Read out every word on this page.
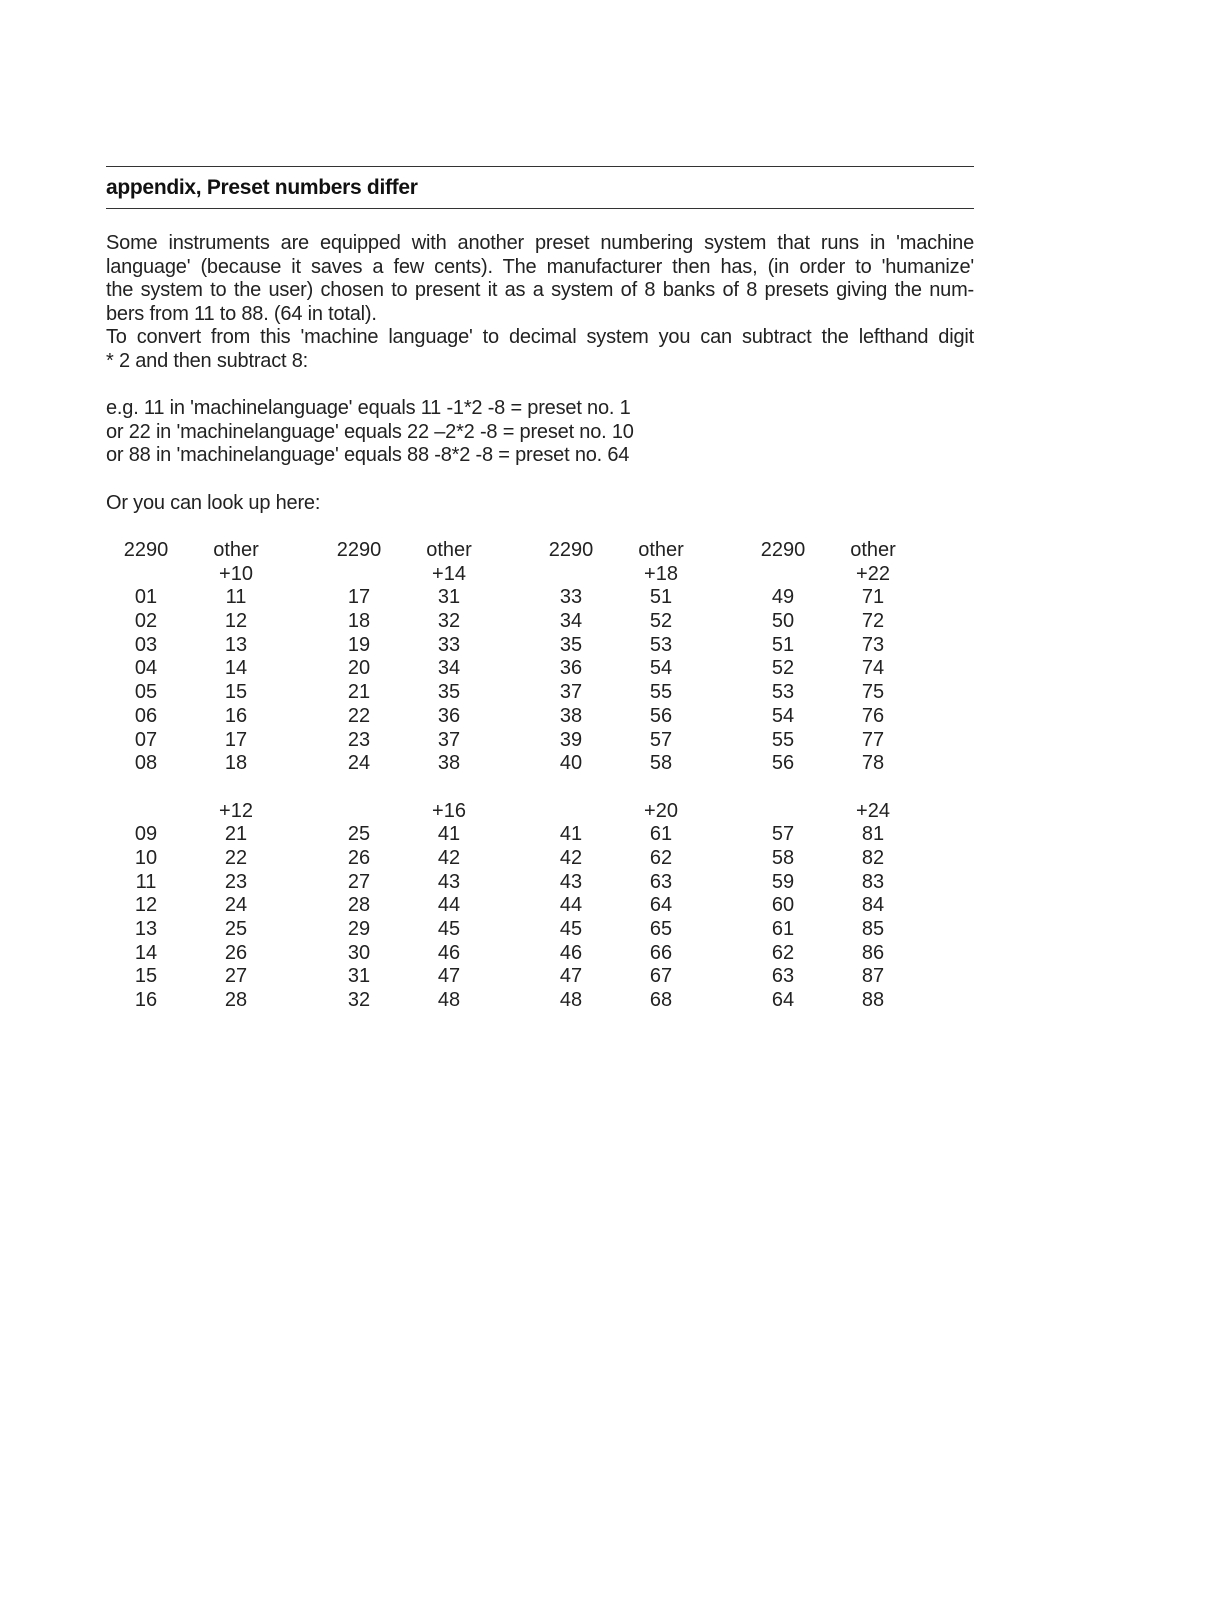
appendix, Preset numbers differ
Some instruments are equipped with another preset numbering system that runs in 'machine
language' (because it saves a few cents). The manufacturer then has, (in order to 'humanize'
the system to the user) chosen to present it as a system of 8 banks of 8 presets giving the num-
bers from 11 to 88. (64 in total).
To convert from this 'machine language' to decimal system you can subtract the lefthand digit
* 2 and then subtract 8:
e.g. 11 in 'machinelanguage' equals 11 -1*2 -8 = preset no. 1
or 22 in 'machinelanguage' equals 22 –2*2 -8 = preset no. 10
or 88 in 'machinelanguage' equals 88 -8*2 -8 = preset no. 64
Or you can look up here:
2290

01
02
03
04
05
06
07
08

09
10
11
12
13
14
15
16
other
+10
11
12
13
14
15
16
17
18

+12
21
22
23
24
25
26
27
28
2290

17
18
19
20
21
22
23
24

25
26
27
28
29
30
31
32
other
+14
31
32
33
34
35
36
37
38

+16
41
42
43
44
45
46
47
48
2290

33
34
35
36
37
38
39
40

41
42
43
44
45
46
47
48
other
+18
51
52
53
54
55
56
57
58

+20
61
62
63
64
65
66
67
68
2290

49
50
51
52
53
54
55
56

57
58
59
60
61
62
63
64
other
+22
71
72
73
74
75
76
77
78

+24
81
82
83
84
85
86
87
88
